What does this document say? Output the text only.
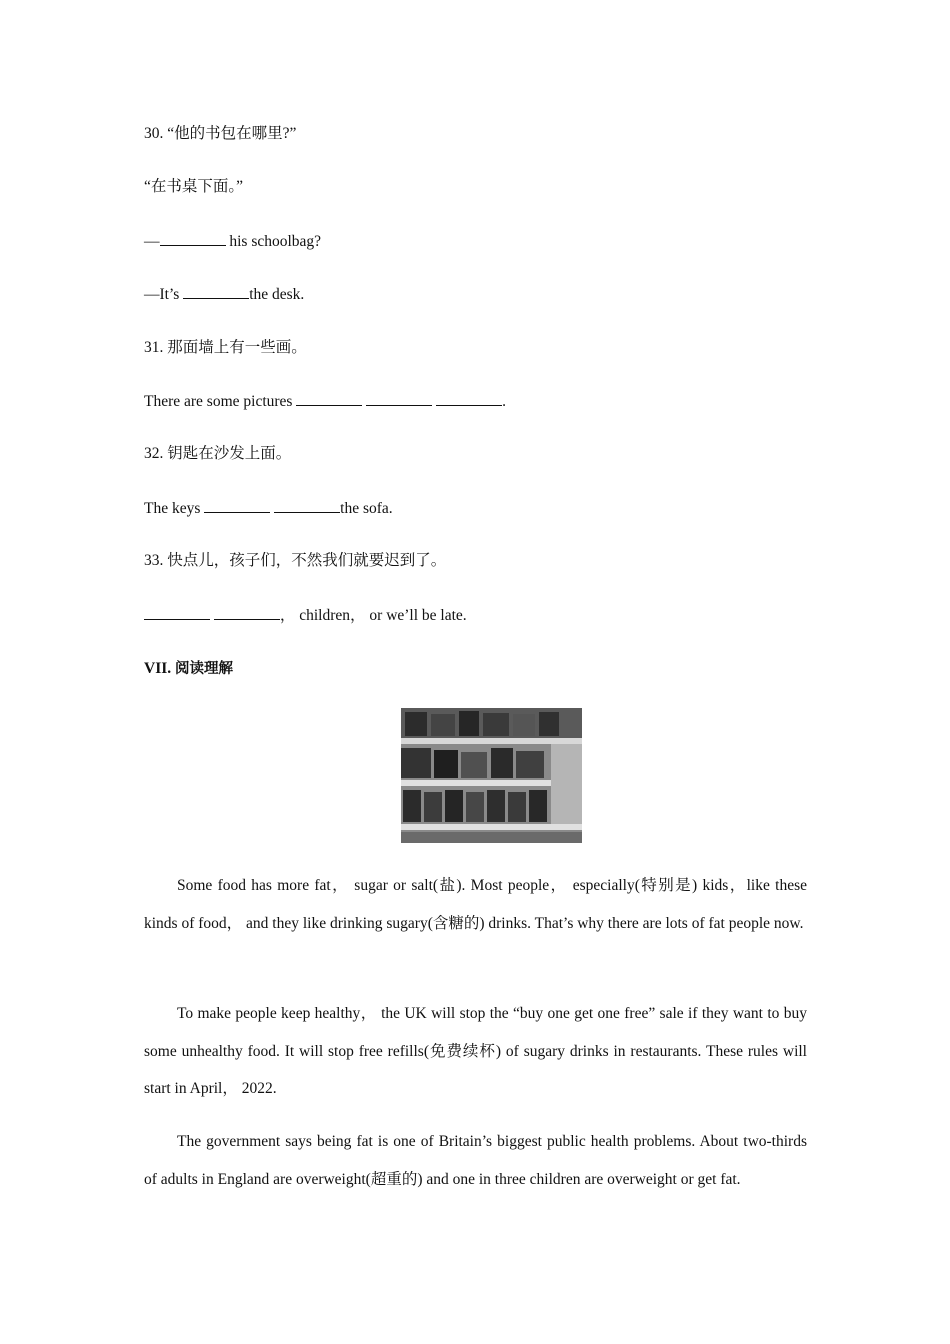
30. “他的书包在哪里?”

“在书桌下面。”

—	his schoolbag?

—It’s	the desk.

31. 那面墙上有一些画。

There are some pictures	.

32. 钥匙在沙发上面。

The keys	the sofa.

33. 快点儿，孩子们，不然我们就要迟到了。

， children， or we’ll be late.

VII. 阅读理解

Some food has more fat， sugar or salt(盐). Most people， especially(特别是) kids，like these kinds of food， and they like drinking sugary(含糖的) drinks. That’s why there are lots of fat people now.

To make people keep healthy， the UK will stop the “buy one get one free” sale if they want to buy some unhealthy food. It will stop free refills(免费续杯) of sugary drinks in restaurants. These rules will start in April， 2022.

The government says being fat is one of Britain’s biggest public health problems. About two-thirds of adults in England are overweight(超重的) and one in three children are overweight or get fat.
